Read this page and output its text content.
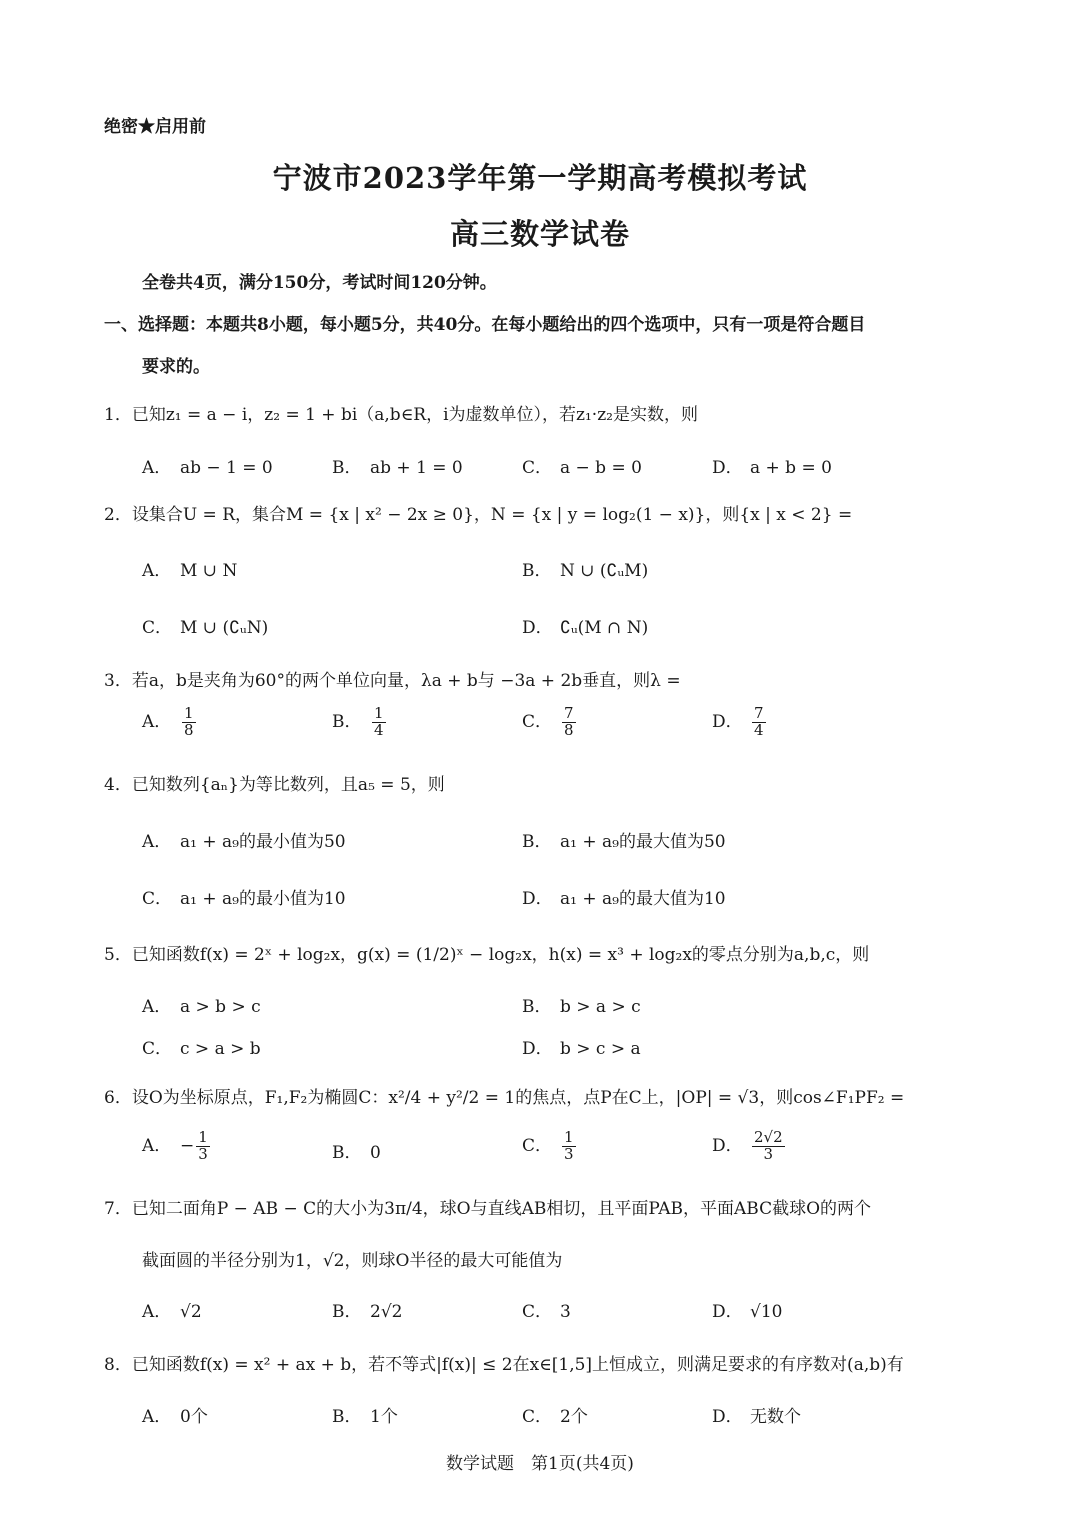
绝密★启用前
宁波市2023学年第一学期高考模拟考试
高三数学试卷
全卷共4页，满分150分，考试时间120分钟。
一、选择题：本题共8小题，每小题5分，共40分。在每小题给出的四个选项中，只有一项是符合题目
要求的。
1．已知z₁ = a − i，z₂ = 1 + bi（a,b∈R，i为虚数单位），若z₁·z₂是实数，则
A． ab − 1 = 0	B． ab + 1 = 0	C． a − b = 0	D． a + b = 0
2．设集合U = R，集合M = {x | x² − 2x ≥ 0}，N = {x | y = log₂(1 − x)}，则{x | x < 2} =
A． M ∪ N	B． N ∪ (∁ᵤM)
C． M ∪ (∁ᵤN)	D． ∁ᵤ(M ∩ N)
3．若a，b是夹角为60°的两个单位向量，λa + b与 −3a + 2b垂直，则λ =
A． $\frac{1}{8}$	B． $\frac{1}{4}$	C． $\frac{7}{8}$	D． $\frac{7}{4}$
4．已知数列{aₙ}为等比数列，且a₅ = 5，则
A． a₁ + a₉的最小值为50	B． a₁ + a₉的最大值为50
C． a₁ + a₉的最小值为10	D． a₁ + a₉的最大值为10
5．已知函数f(x) = 2ˣ + log₂x，g(x) = (1/2)ˣ − log₂x，h(x) = x³ + log₂x的零点分别为a,b,c，则
A． a > b > c	B． b > a > c
C． c > a > b	D． b > c > a
6．设O为坐标原点，F₁,F₂为椭圆C：x²/4 + y²/2 = 1的焦点，点P在C上，|OP| = √3，则cos∠F₁PF₂ =
A． − $\frac{1}{3}$	B． 0	C． $\frac{1}{3}$	D． $\frac{2√2}{3}$
7．已知二面角P − AB − C的大小为3π/4，球O与直线AB相切，且平面PAB，平面ABC截球O的两个
截面圆的半径分别为1，√2，则球O半径的最大可能值为
A． √2	B． 2√2	C． 3	D． √10
8．已知函数f(x) = x² + ax + b，若不等式|f(x)| ≤ 2在x∈[1,5]上恒成立，则满足要求的有序数对(a,b)有
A． 0个	B． 1个	C． 2个	D． 无数个
数学试题　第1页(共4页)
